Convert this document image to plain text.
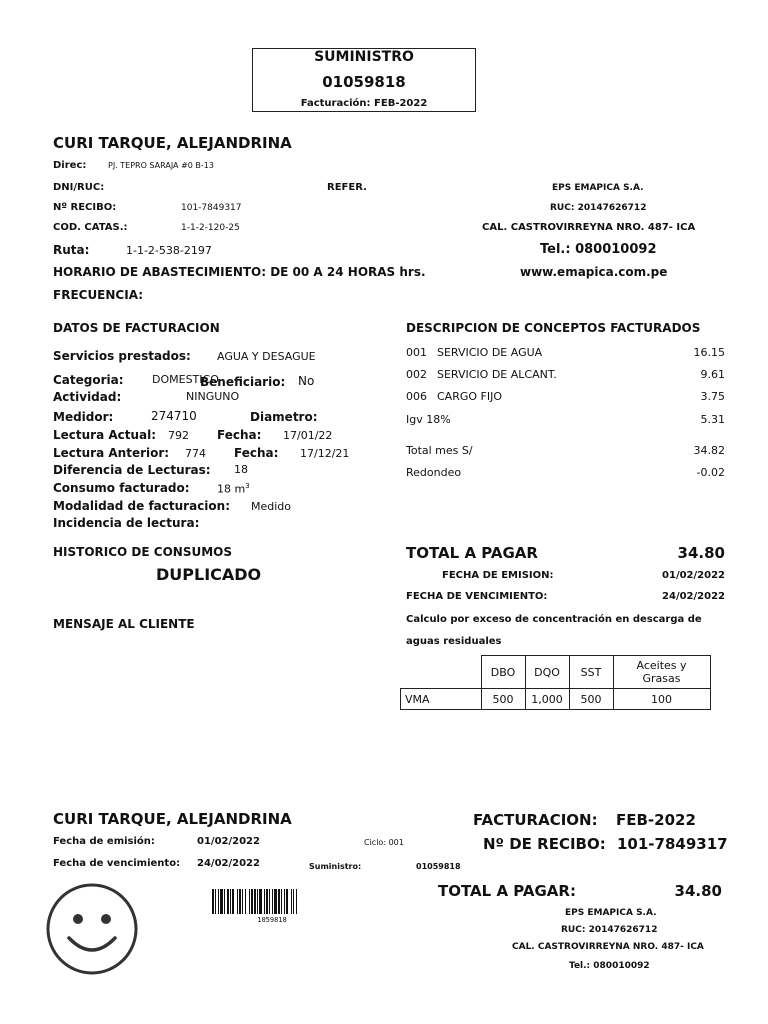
SUMINISTRO
01059818
Facturación: FEB-2022
CURI TARQUE, ALEJANDRINA
Direc:	PJ. TEPRO SARAJA #0 B-13
DNI/RUC:	REFER.	EPS EMAPICA S.A.
Nº RECIBO:	101-7849317	RUC: 20147626712
COD. CATAS.:	1-1-2-120-25	CAL. CASTROVIRREYNA NRO. 487- ICA
Ruta:	1-1-2-538-2197	Tel.: 080010092
HORARIO DE ABASTECIMIENTO: DE 00 A 24 HORAS hrs.	www.emapica.com.pe
FRECUENCIA:
DATOS DE FACTURACION
Servicios prestados: AGUA Y DESAGUE
Categoria:	DOMESTICO
Beneficiario: No
Actividad:	NINGUNO
Medidor:	274710	Diametro:
Lectura Actual: 792 Fecha: 17/01/22
Lectura Anterior: 774 Fecha: 17/12/21
Diferencia de Lecturas: 18
Consumo facturado: 18 $m^3$
Modalidad de facturacion: Medido
Incidencia de lectura:
DESCRIPCION DE CONCEPTOS FACTURADOS
001 SERVICIO DE AGUA	16.15
002 SERVICIO DE ALCANT.	9.61
006 CARGO FIJO	3.75
Igv 18%	5.31
Total mes S/	34.82
Redondeo	-0.02
HISTORICO DE CONSUMOS
DUPLICADO
MENSAJE AL CLIENTE
TOTAL A PAGAR	34.80
FECHA DE EMISION:	01/02/2022
FECHA DE VENCIMIENTO:	24/02/2022
Calculo por exceso de concentración en descarga de
aguas residuales
	DBO	DQO	SST	Aceites y Grasas
VMA	500	1,000	500	100
CURI TARQUE, ALEJANDRINA
Fecha de emisión:	01/02/2022	Ciclo: 001
Fecha de vencimiento: 24/02/2022	Suministro:	01059818
FACTURACION: FEB-2022
Nº DE RECIBO: 101-7849317
TOTAL A PAGAR:	34.80
EPS EMAPICA S.A.
RUC: 20147626712
CAL. CASTROVIRREYNA NRO. 487- ICA
Tel.: 080010092
1059818
